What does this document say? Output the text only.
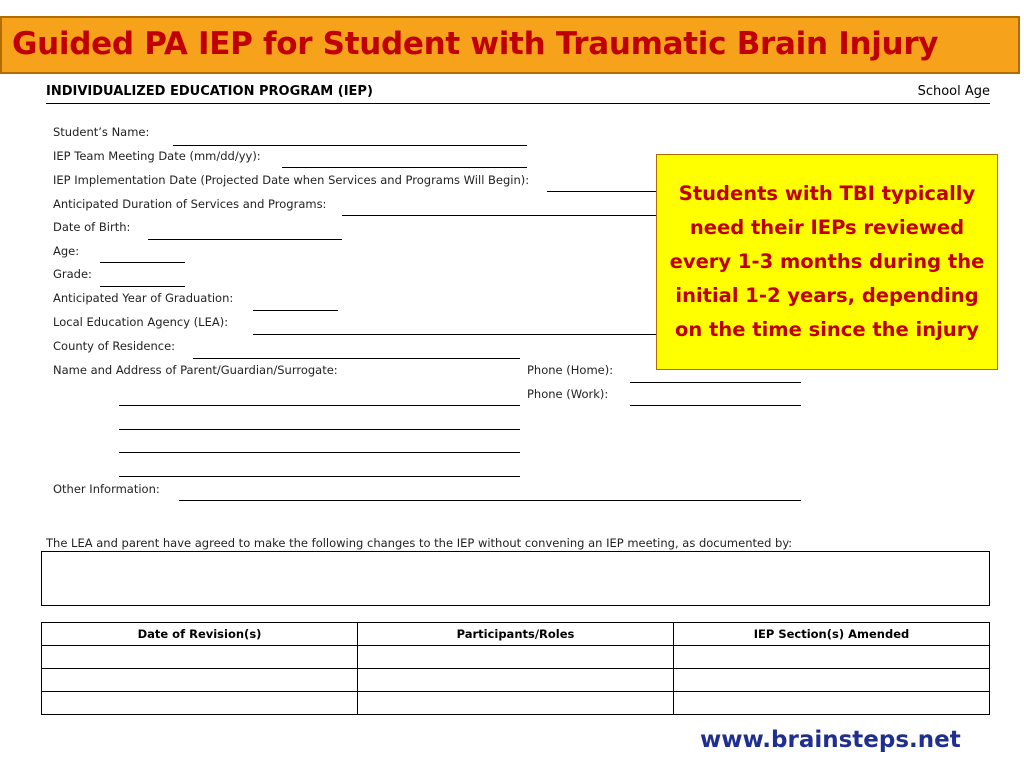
Guided PA IEP for Student with Traumatic Brain Injury
INDIVIDUALIZED EDUCATION PROGRAM (IEP)	School Age
Student’s Name:
IEP Team Meeting Date (mm/dd/yy):
IEP Implementation Date (Projected Date when Services and Programs Will Begin):
Anticipated Duration of Services and Programs:
Date of Birth:
Age:
Grade:
Anticipated Year of Graduation:
Local Education Agency (LEA):
County of Residence:
Name and Address of Parent/Guardian/Surrogate:	Phone (Home):
Phone (Work):
Other Information:
The LEA and parent have agreed to make the following changes to the IEP without convening an IEP meeting, as documented by:
Date of Revision(s)	Participants/Roles	IEP Section(s) Amended

Students with TBI typically need their IEPs reviewed every 1-3 months during the initial 1-2 years, depending on the time since the injury
www.brainsteps.net
